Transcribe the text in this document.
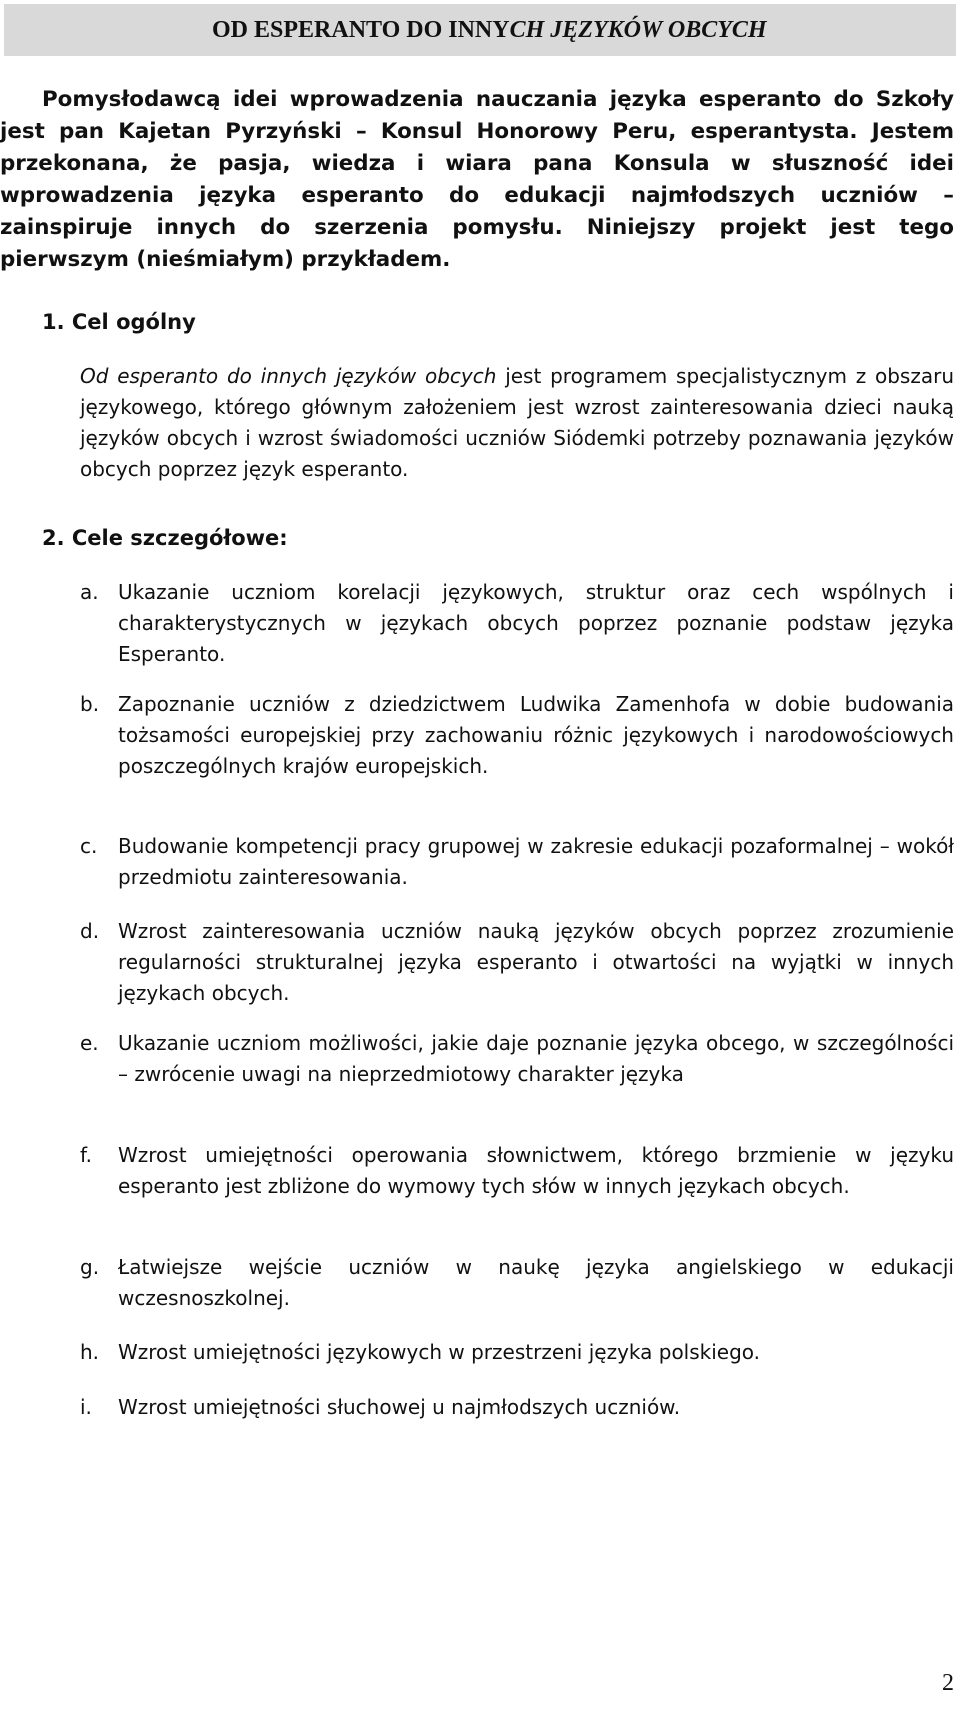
OD ESPERANTO DO INNYCH JĘZYKÓW OBCYCH

Pomysłodawcą idei wprowadzenia nauczania języka esperanto do Szkoły jest pan Kajetan Pyrzyński – Konsul Honorowy Peru, esperantysta. Jestem przekonana, że pasja, wiedza i wiara pana Konsula w słuszność idei wprowadzenia języka esperanto do edukacji najmłodszych uczniów – zainspiruje innych do szerzenia pomysłu. Niniejszy projekt jest tego pierwszym (nieśmiałym) przykładem.

1. Cel ogólny

Od esperanto do innych języków obcych jest programem specjalistycznym z obszaru językowego, którego głównym założeniem jest wzrost zainteresowania dzieci nauką języków obcych i wzrost świadomości uczniów Siódemki potrzeby poznawania języków obcych poprzez język esperanto.

2. Cele szczegółowe:

a. Ukazanie uczniom korelacji językowych, struktur oraz cech wspólnych i charakterystycznych w językach obcych poprzez poznanie podstaw języka Esperanto.
b. Zapoznanie uczniów z dziedzictwem Ludwika Zamenhofa w dobie budowania tożsamości europejskiej przy zachowaniu różnic językowych i narodowościowych poszczególnych krajów europejskich.
c. Budowanie kompetencji pracy grupowej w zakresie edukacji pozaformalnej – wokół przedmiotu zainteresowania.
d. Wzrost zainteresowania uczniów nauką języków obcych poprzez zrozumienie regularności strukturalnej języka esperanto i otwartości na wyjątki w innych językach obcych.
e. Ukazanie uczniom możliwości, jakie daje poznanie języka obcego, w szczególności – zwrócenie uwagi na nieprzedmiotowy charakter języka
f. Wzrost umiejętności operowania słownictwem, którego brzmienie w języku esperanto jest zbliżone do wymowy tych słów w innych językach obcych.
g. Łatwiejsze wejście uczniów w naukę języka angielskiego w edukacji wczesnoszkolnej.
h. Wzrost umiejętności językowych w przestrzeni języka polskiego.
i. Wzrost umiejętności słuchowej u najmłodszych uczniów.
2
